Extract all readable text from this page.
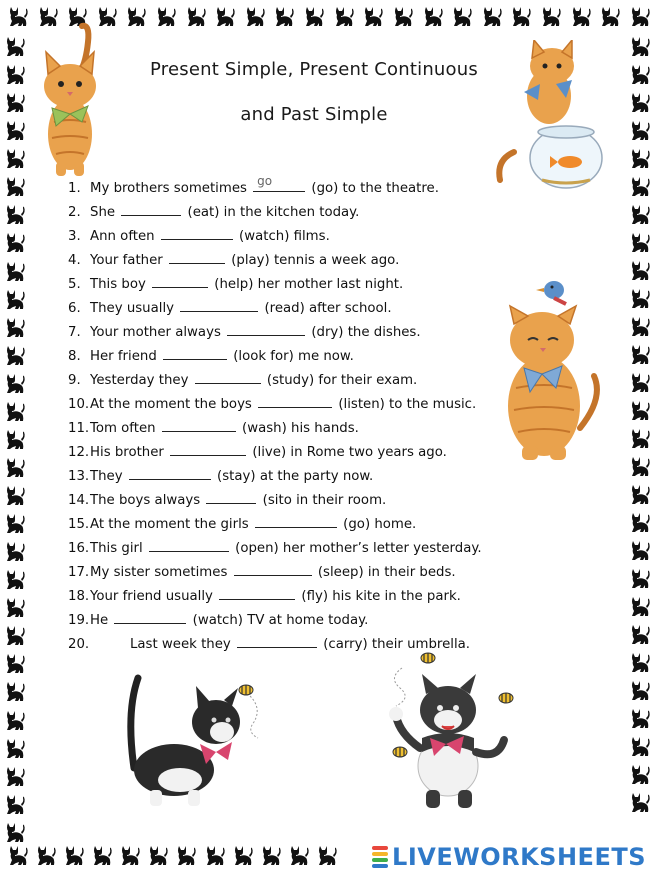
Present Simple, Present Continuous
and Past Simple
1. My brothers sometimes go	(go) to the theatre.
2. She	(eat) in the kitchen today.
3. Ann often	(watch) films.
4. Your father	(play) tennis a week ago.
5. This boy	(help) her mother last night.
6. They usually	(read) after school.
7. Your mother always	(dry) the dishes.
8. Her friend	(look for) me now.
9. Yesterday they	(study) for their exam.
10.At the moment the boys	(listen) to the music.
11.Tom often	(wash) his hands.
12.His brother	(live) in Rome two years ago.
13.They	(stay) at the party now.
14.The boys always	(sito in their room.
15.At the moment the girls	(go) home.
16.This girl	(open) her mother’s letter yesterday.
17.My sister sometimes	(sleep) in their beds.
18.Your friend usually	(fly) his kite in the park.
19.He	(watch) TV at home today.
20.	Last week they	(carry) their umbrella.
LIVEWORKSHEETS
